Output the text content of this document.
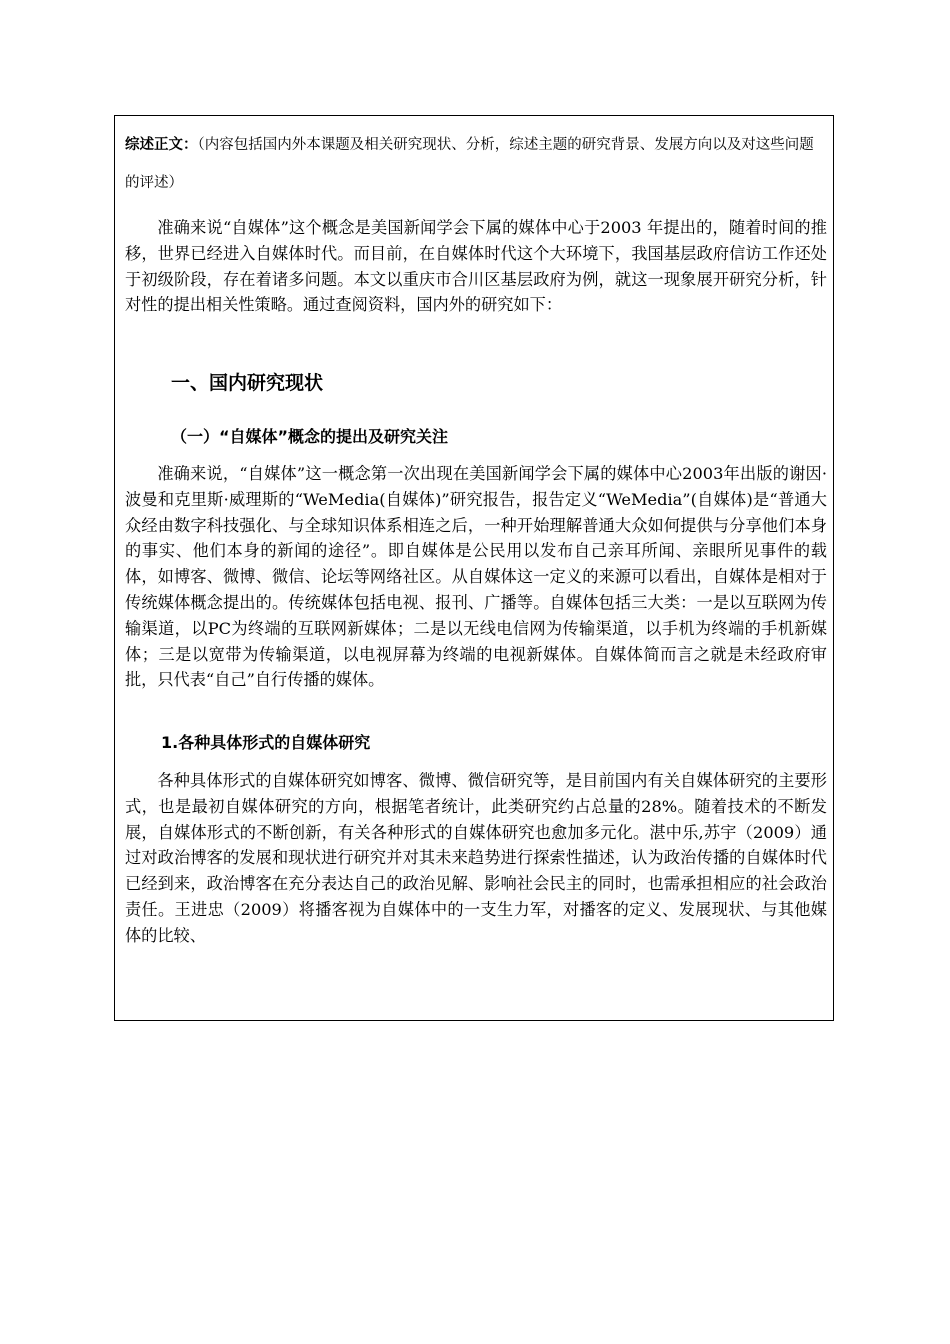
综述正文：（内容包括国内外本课题及相关研究现状、分析，综述主题的研究背景、发展方向以及对这些问题的评述）

准确来说“自媒体”这个概念是美国新闻学会下属的媒体中心于2003 年提出的，随着时间的推移，世界已经进入自媒体时代。而目前，在自媒体时代这个大环境下，我国基层政府信访工作还处于初级阶段，存在着诸多问题。本文以重庆市合川区基层政府为例，就这一现象展开研究分析，针对性的提出相关性策略。通过查阅资料，国内外的研究如下：

一、国内研究现状
（一）“自媒体”概念的提出及研究关注

准确来说，“自媒体”这一概念第一次出现在美国新闻学会下属的媒体中心2003年出版的谢因·波曼和克里斯·威理斯的“WeMedia(自媒体)”研究报告，报告定义“WeMedia”(自媒体)是“普通大众经由数字科技强化、与全球知识体系相连之后，一种开始理解普通大众如何提供与分享他们本身的事实、他们本身的新闻的途径”。即自媒体是公民用以发布自己亲耳所闻、亲眼所见事件的载体，如博客、微博、微信、论坛等网络社区。从自媒体这一定义的来源可以看出，自媒体是相对于传统媒体概念提出的。传统媒体包括电视、报刊、广播等。自媒体包括三大类：一是以互联网为传输渠道，以PC为终端的互联网新媒体；二是以无线电信网为传输渠道，以手机为终端的手机新媒体；三是以宽带为传输渠道，以电视屏幕为终端的电视新媒体。自媒体简而言之就是未经政府审批，只代表“自己”自行传播的媒体。

1.各种具体形式的自媒体研究

各种具体形式的自媒体研究如博客、微博、微信研究等，是目前国内有关自媒体研究的主要形式，也是最初自媒体研究的方向，根据笔者统计，此类研究约占总量的28%。随着技术的不断发展，自媒体形式的不断创新，有关各种形式的自媒体研究也愈加多元化。湛中乐,苏宇（2009）通过对政治博客的发展和现状进行研究并对其未来趋势进行探索性描述，认为政治传播的自媒体时代已经到来，政治博客在充分表达自己的政治见解、影响社会民主的同时，也需承担相应的社会政治责任。王进忠（2009）将播客视为自媒体中的一支生力军，对播客的定义、发展现状、与其他媒体的比较、
